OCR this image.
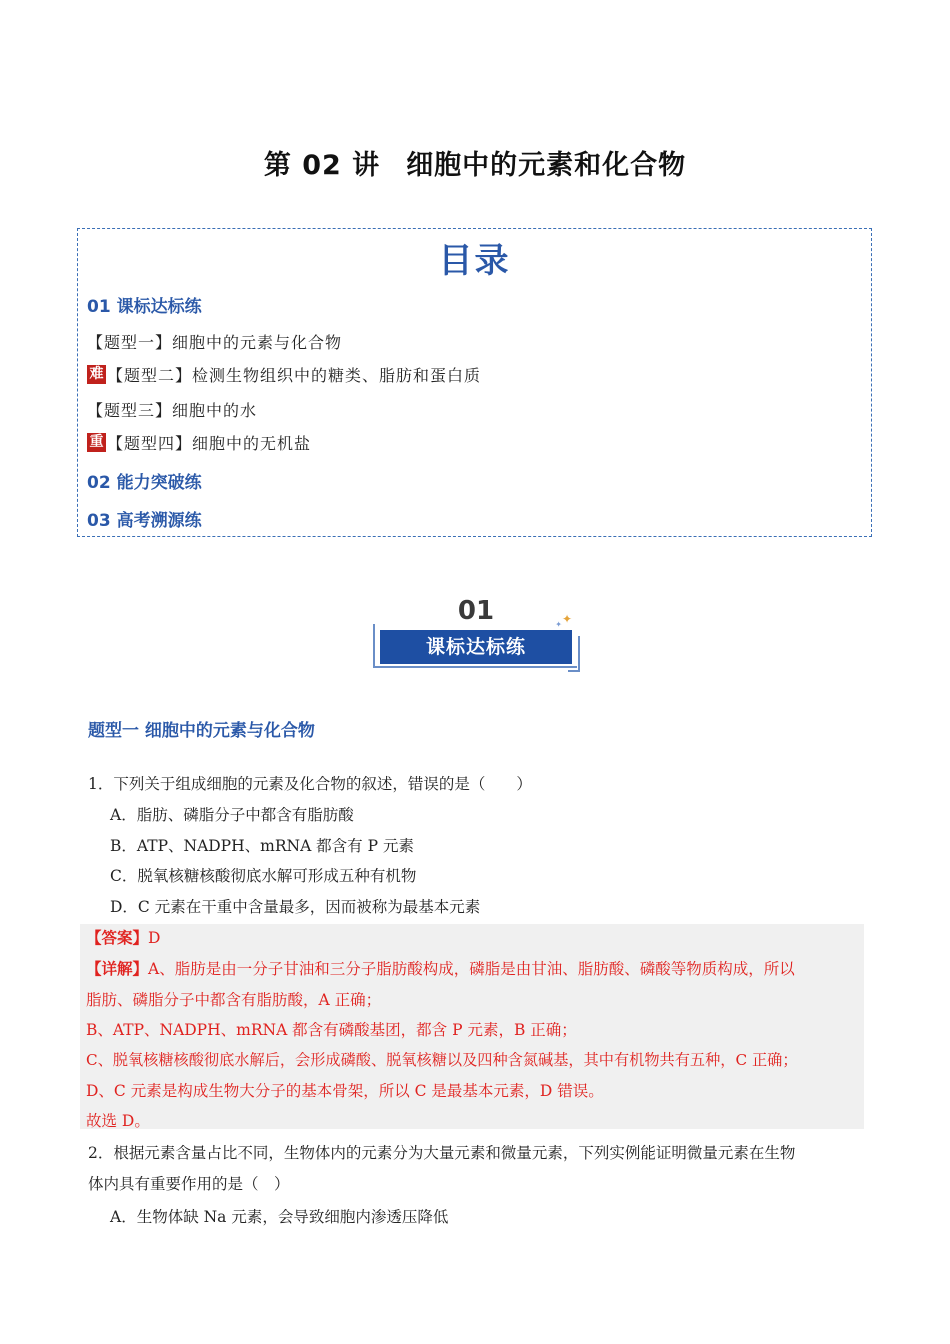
第 02 讲 细胞中的元素和化合物
目录
01 课标达标练
【题型一】细胞中的元素与化合物
难 【题型二】检测生物组织中的糖类、脂肪和蛋白质
【题型三】细胞中的水
重 【题型四】细胞中的无机盐
02 能力突破练
03 高考溯源练
01
课标达标练
✦
✦
题型一 细胞中的元素与化合物
1．下列关于组成细胞的元素及化合物的叙述，错误的是（　　）
A．脂肪、磷脂分子中都含有脂肪酸
B．ATP、NADPH、mRNA 都含有 P 元素
C．脱氧核糖核酸彻底水解可形成五种有机物
D．C 元素在干重中含量最多，因而被称为最基本元素
【答案】D
【详解】A、脂肪是由一分子甘油和三分子脂肪酸构成，磷脂是由甘油、脂肪酸、磷酸等物质构成，所以
脂肪、磷脂分子中都含有脂肪酸，A 正确；
B、ATP、NADPH、mRNA 都含有磷酸基团，都含 P 元素，B 正确；
C、脱氧核糖核酸彻底水解后，会形成磷酸、脱氧核糖以及四种含氮碱基，其中有机物共有五种，C 正确；
D、C 元素是构成生物大分子的基本骨架，所以 C 是最基本元素，D 错误。
故选 D。
2．根据元素含量占比不同，生物体内的元素分为大量元素和微量元素，下列实例能证明微量元素在生物
体内具有重要作用的是（　）
A．生物体缺 Na 元素，会导致细胞内渗透压降低
